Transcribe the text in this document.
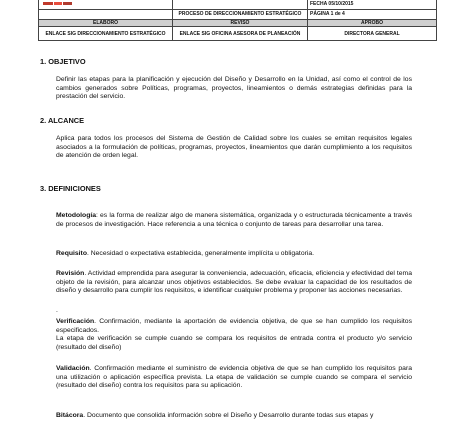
		FECHA 05/10/2015
	PROCESO DE DIRECCIONAMIENTO ESTRATÉGICO	PÁGINA 1 de 4
ELABORÓ	REVISÓ	APROBÓ
ENLACE SIG DIRECCIONAMIENTO ESTRATÉGICO	ENLACE SIG OFICINA ASESORA DE PLANEACIÓN	DIRECTORA GENERAL
1. OBJETIVO

Definir las etapas para la planificación y ejecución del Diseño y Desarrollo en la Unidad, así como el control de los cambios generados sobre Políticas, programas, proyectos, lineamientos o demás estrategias definidas para la prestación del servicio.

2. ALCANCE

Aplica para todos los procesos del Sistema de Gestión de Calidad sobre los cuales se emitan requisitos legales asociados a la formulación de políticas, programas, proyectos, lineamientos que darán cumplimiento a los requisitos de atención de orden legal.

3. DEFINICIONES

Metodología: es la forma de realizar algo de manera sistemática, organizada y o estructurada técnicamente a través de procesos de investigación. Hace referencia a una técnica o conjunto de tareas para desarrollar una tarea.

Requisito. Necesidad o expectativa establecida, generalmente implícita u obligatoria.

Revisión. Actividad emprendida para asegurar la conveniencia, adecuación, eficacia, eficiencia y efectividad del tema objeto de la revisión, para alcanzar unos objetivos establecidos. Se debe evaluar la capacidad de los resultados de diseño y desarrollo para cumplir los requisitos, e identificar cualquier problema y proponer las acciones necesarias.

.

Verificación. Confirmación, mediante la aportación de evidencia objetiva, de que se han cumplido los requisitos especificados.
La etapa de verificación se cumple cuando se compara los requisitos de entrada contra el producto y/o servicio (resultado del diseño)

Validación. Confirmación mediante el suministro de evidencia objetiva de que se han cumplido los requisitos para una utilización o aplicación específica prevista. La etapa de validación se cumple cuando se compara el servicio (resultado del diseño) contra los requisitos para su aplicación.

Bitácora. Documento que consolida información sobre el Diseño y Desarrollo durante todas sus etapas y
